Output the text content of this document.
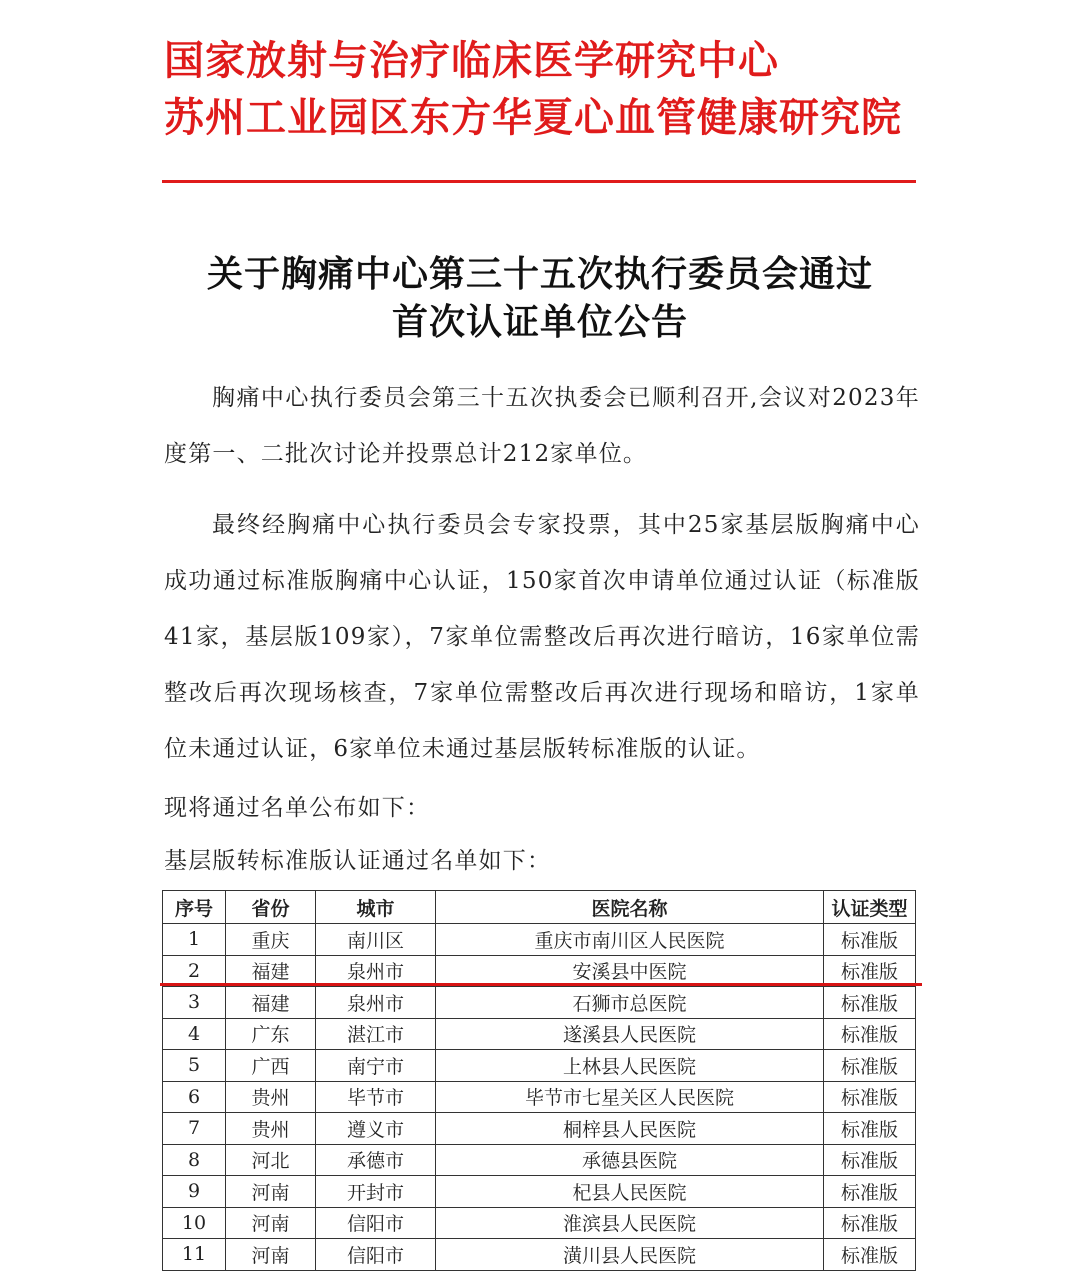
国家放射与治疗临床医学研究中心
苏州工业园区东方华夏心血管健康研究院
关于胸痛中心第三十五次执行委员会通过
首次认证单位公告
胸痛中心执行委员会第三十五次执委会已顺利召开,会议对2023年度第一、二批次讨论并投票总计212家单位。
最终经胸痛中心执行委员会专家投票，其中25家基层版胸痛中心成功通过标准版胸痛中心认证，150家首次申请单位通过认证（标准版41家，基层版109家），7家单位需整改后再次进行暗访，16家单位需整改后再次现场核查，7家单位需整改后再次进行现场和暗访，1家单位未通过认证，6家单位未通过基层版转标准版的认证。
现将通过名单公布如下：
基层版转标准版认证通过名单如下：
序号	省份	城市	医院名称	认证类型
1	重庆	南川区	重庆市南川区人民医院	标准版
2	福建	泉州市	安溪县中医院	标准版
3	福建	泉州市	石狮市总医院	标准版
4	广东	湛江市	遂溪县人民医院	标准版
5	广西	南宁市	上林县人民医院	标准版
6	贵州	毕节市	毕节市七星关区人民医院	标准版
7	贵州	遵义市	桐梓县人民医院	标准版
8	河北	承德市	承德县医院	标准版
9	河南	开封市	杞县人民医院	标准版
10	河南	信阳市	淮滨县人民医院	标准版
11	河南	信阳市	潢川县人民医院	标准版
